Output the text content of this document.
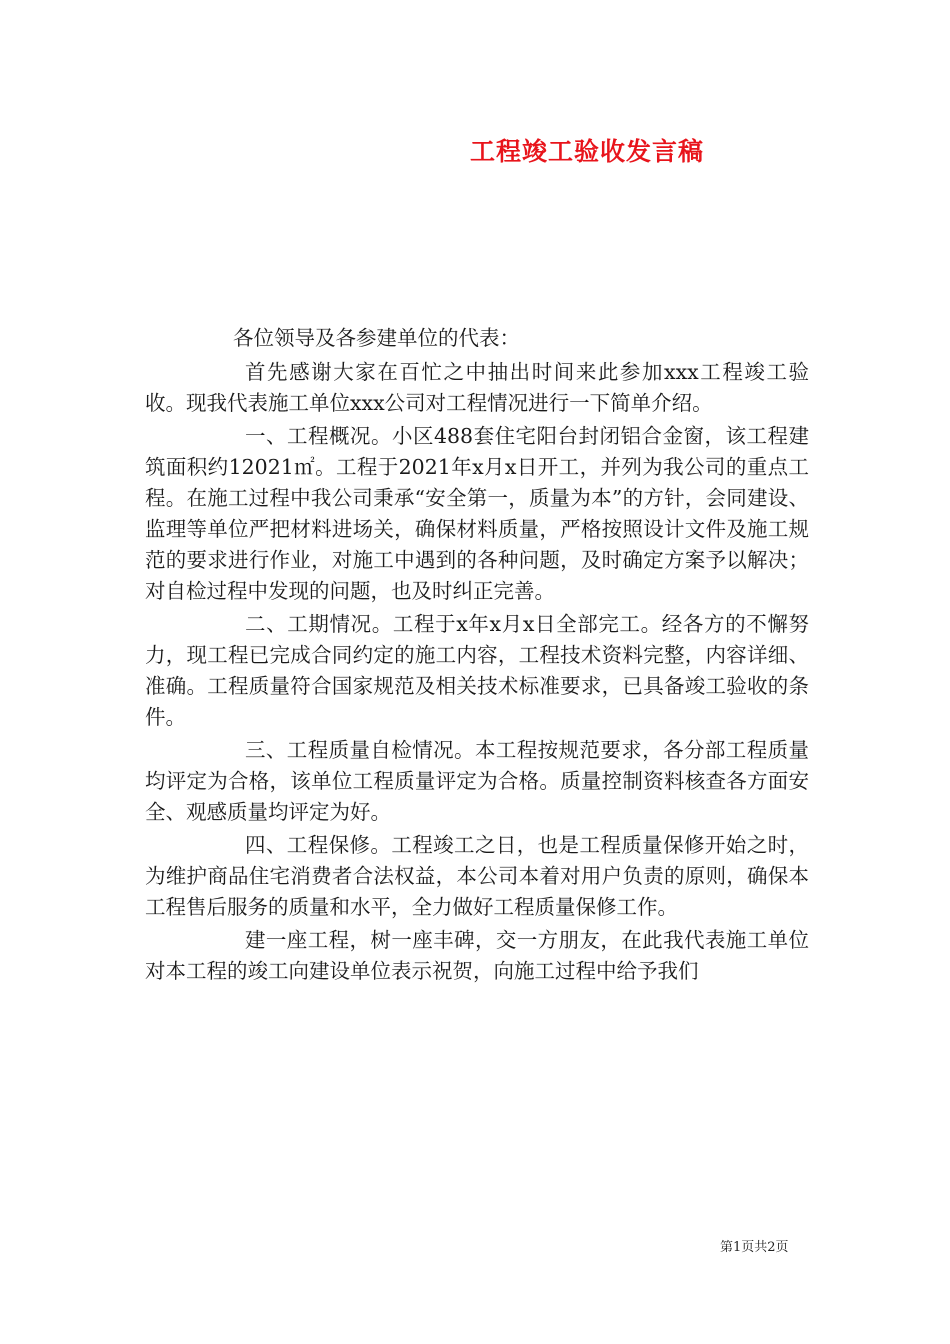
工程竣工验收发言稿

各位领导及各参建单位的代表：

首先感谢大家在百忙之中抽出时间来此参加xxx工程竣工验收。现我代表施工单位xxx公司对工程情况进行一下简单介绍。

一、工程概况。小区488套住宅阳台封闭铝合金窗，该工程建筑面积约12021㎡。工程于2021年x月x日开工，并列为我公司的重点工程。在施工过程中我公司秉承“安全第一，质量为本”的方针，会同建设、监理等单位严把材料进场关，确保材料质量，严格按照设计文件及施工规范的要求进行作业，对施工中遇到的各种问题，及时确定方案予以解决；对自检过程中发现的问题，也及时纠正完善。

二、工期情况。工程于x年x月x日全部完工。经各方的不懈努力，现工程已完成合同约定的施工内容，工程技术资料完整，内容详细、准确。工程质量符合国家规范及相关技术标准要求，已具备竣工验收的条件。

三、工程质量自检情况。本工程按规范要求，各分部工程质量均评定为合格，该单位工程质量评定为合格。质量控制资料核查各方面安全、观感质量均评定为好。

四、工程保修。工程竣工之日，也是工程质量保修开始之时，为维护商品住宅消费者合法权益，本公司本着对用户负责的原则，确保本工程售后服务的质量和水平，全力做好工程质量保修工作。

建一座工程，树一座丰碑，交一方朋友，在此我代表施工单位对本工程的竣工向建设单位表示祝贺，向施工过程中给予我们

第1页共2页
